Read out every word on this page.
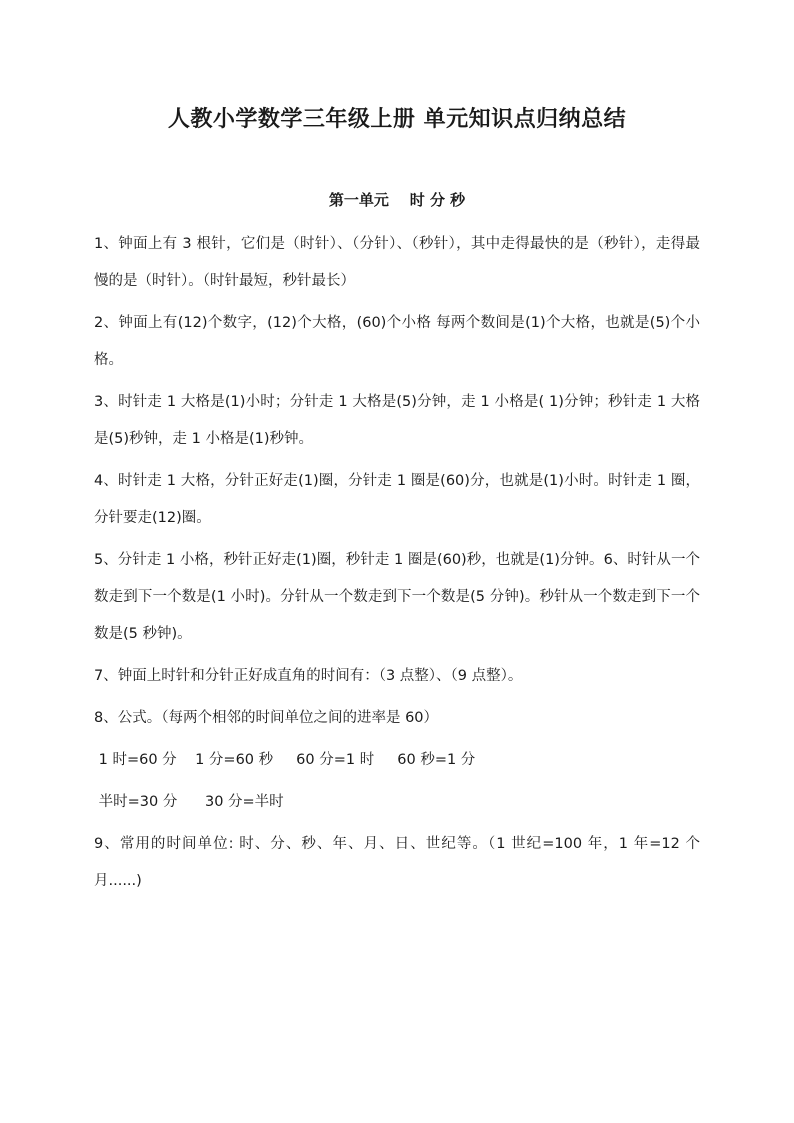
人教小学数学三年级上册 单元知识点归纳总结
第一单元    时 分 秒

1、钟面上有 3 根针，它们是（时针）、（分针）、（秒针），其中走得最快的是（秒针），走得最慢的是（时针）。（时针最短，秒针最长）

2、钟面上有(12)个数字，(12)个大格，(60)个小格 每两个数间是(1)个大格，也就是(5)个小格。

3、时针走 1 大格是(1)小时；分针走 1 大格是(5)分钟，走 1 小格是( 1)分钟；秒针走 1 大格是(5)秒钟，走 1 小格是(1)秒钟。

4、时针走 1 大格，分针正好走(1)圈，分针走 1 圈是(60)分，也就是(1)小时。时针走 1 圈，分针要走(12)圈。

5、分针走 1 小格，秒针正好走(1)圈，秒针走 1 圈是(60)秒，也就是(1)分钟。6、时针从一个数走到下一个数是(1 小时)。分针从一个数走到下一个数是(5 分钟)。秒针从一个数走到下一个数是(5 秒钟)。

7、钟面上时针和分针正好成直角的时间有：（3 点整）、（9 点整）。

8、公式。（每两个相邻的时间单位之间的进率是 60）

1 时=60 分    1 分=60 秒     60 分=1 时     60 秒=1 分

半时=30 分      30 分=半时

9、常用的时间单位: 时、分、秒、年、月、日、世纪等。（1 世纪=100 年，1 年=12 个月......)
